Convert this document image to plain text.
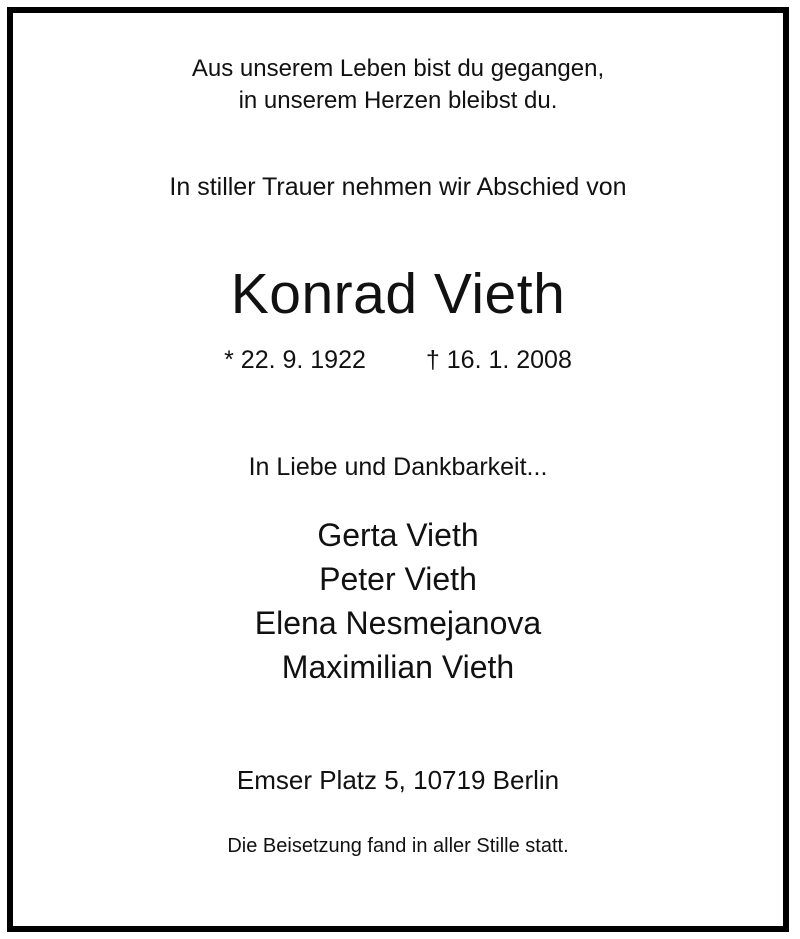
Aus unserem Leben bist du gegangen,
in unserem Herzen bleibst du.
In stiller Trauer nehmen wir Abschied von
Konrad Vieth
* 22. 9. 1922 † 16. 1. 2008
In Liebe und Dankbarkeit...
Gerta Vieth
Peter Vieth
Elena Nesmejanova
Maximilian Vieth
Emser Platz 5, 10719 Berlin
Die Beisetzung fand in aller Stille statt.
